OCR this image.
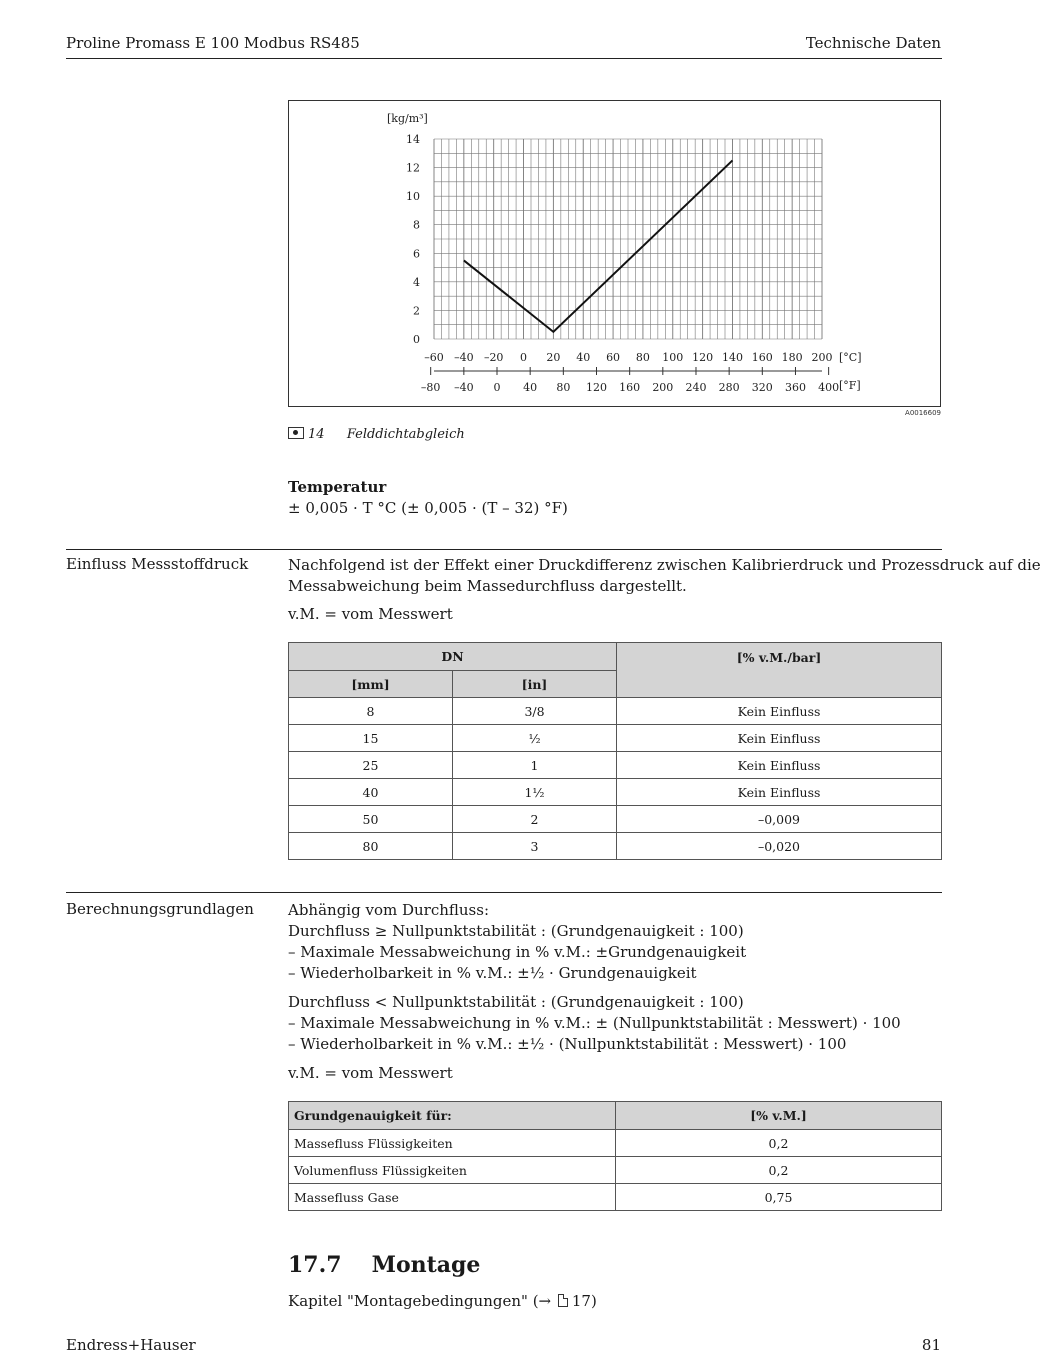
Proline Promass E 100 Modbus RS485	Technische Daten
14
12
10
8
6
4
2
0
[kg/m³]
–60 –40 –20 0 20 40 60 80 100 120 140 160 180 200 [°C]
–80 –40 0 40 80 120 160 200 240 280 320 360 400 [°F]
A0016609
14 Felddichtabgleich
Temperatur
± 0,005 · T °C (± 0,005 · (T – 32) °F)
Einfluss Messstoffdruck	Nachfolgend ist der Effekt einer Druckdifferenz zwischen Kalibrierdruck und Prozessdruck auf die
Messabweichung beim Massedurchfluss dargestellt.
v.M. = vom Messwert
DN		[% v.M./bar]
[mm]	[in]	
8	3/8	Kein Einfluss
15	½	Kein Einfluss
25	1	Kein Einfluss
40	1½	Kein Einfluss
50	2	–0,009
80	3	–0,020
Berechnungsgrundlagen Abhängig vom Durchfluss:
Durchfluss ≥ Nullpunktstabilität : (Grundgenauigkeit : 100)
– Maximale Messabweichung in % v.M.: ±Grundgenauigkeit
– Wiederholbarkeit in % v.M.: ±½ · Grundgenauigkeit
Durchfluss < Nullpunktstabilität : (Grundgenauigkeit : 100)
– Maximale Messabweichung in % v.M.: ± (Nullpunktstabilität : Messwert) · 100
– Wiederholbarkeit in % v.M.: ±½ · (Nullpunktstabilität : Messwert) · 100
v.M. = vom Messwert
Grundgenauigkeit für:	[% v.M.]
Massefluss Flüssigkeiten	0,2
Volumenfluss Flüssigkeiten	0,2
Massefluss Gase	0,75
17.7 Montage
Kapitel "Montagebedingungen" (→
17)
Endress+Hauser	81
